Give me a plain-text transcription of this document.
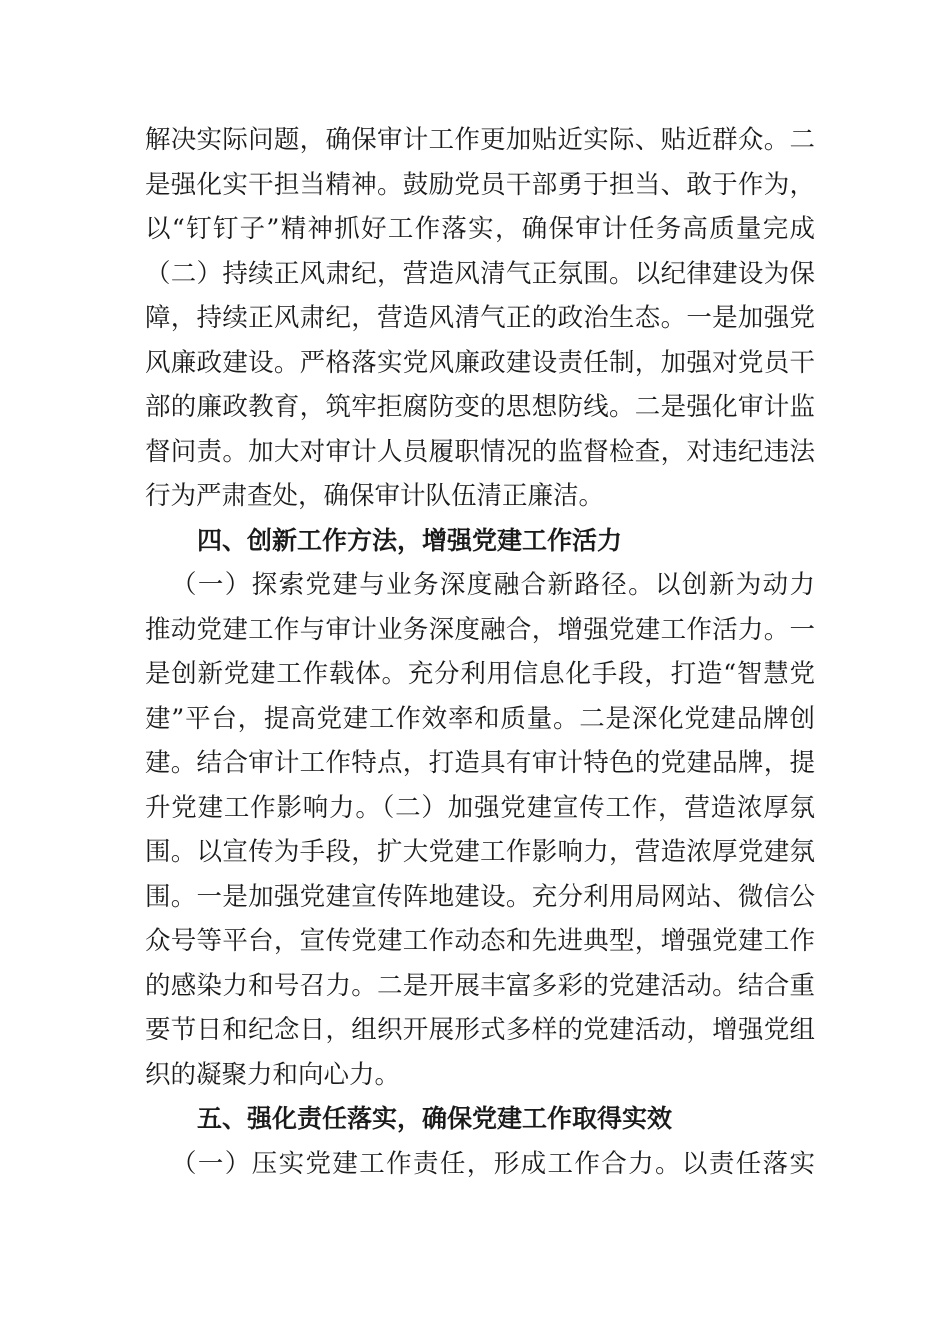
解决实际问题，确保审计工作更加贴近实际、贴近群众。二
是强化实干担当精神。鼓励党员干部勇于担当、敢于作为，
以“钉钉子”精神抓好工作落实，确保审计任务高质量完成
（二）持续正风肃纪，营造风清气正氛围。以纪律建设为保
障，持续正风肃纪，营造风清气正的政治生态。一是加强党
风廉政建设。严格落实党风廉政建设责任制，加强对党员干
部的廉政教育，筑牢拒腐防变的思想防线。二是强化审计监
督问责。加大对审计人员履职情况的监督检查，对违纪违法
行为严肃查处，确保审计队伍清正廉洁。
四、创新工作方法，增强党建工作活力
（一）探索党建与业务深度融合新路径。以创新为动力
推动党建工作与审计业务深度融合，增强党建工作活力。一
是创新党建工作载体。充分利用信息化手段，打造“智慧党
建”平台，提高党建工作效率和质量。二是深化党建品牌创
建。结合审计工作特点，打造具有审计特色的党建品牌，提
升党建工作影响力。（二）加强党建宣传工作，营造浓厚氛
围。以宣传为手段，扩大党建工作影响力，营造浓厚党建氛
围。一是加强党建宣传阵地建设。充分利用局网站、微信公
众号等平台，宣传党建工作动态和先进典型，增强党建工作
的感染力和号召力。二是开展丰富多彩的党建活动。结合重
要节日和纪念日，组织开展形式多样的党建活动，增强党组
织的凝聚力和向心力。
五、强化责任落实，确保党建工作取得实效
（一）压实党建工作责任，形成工作合力。以责任落实
